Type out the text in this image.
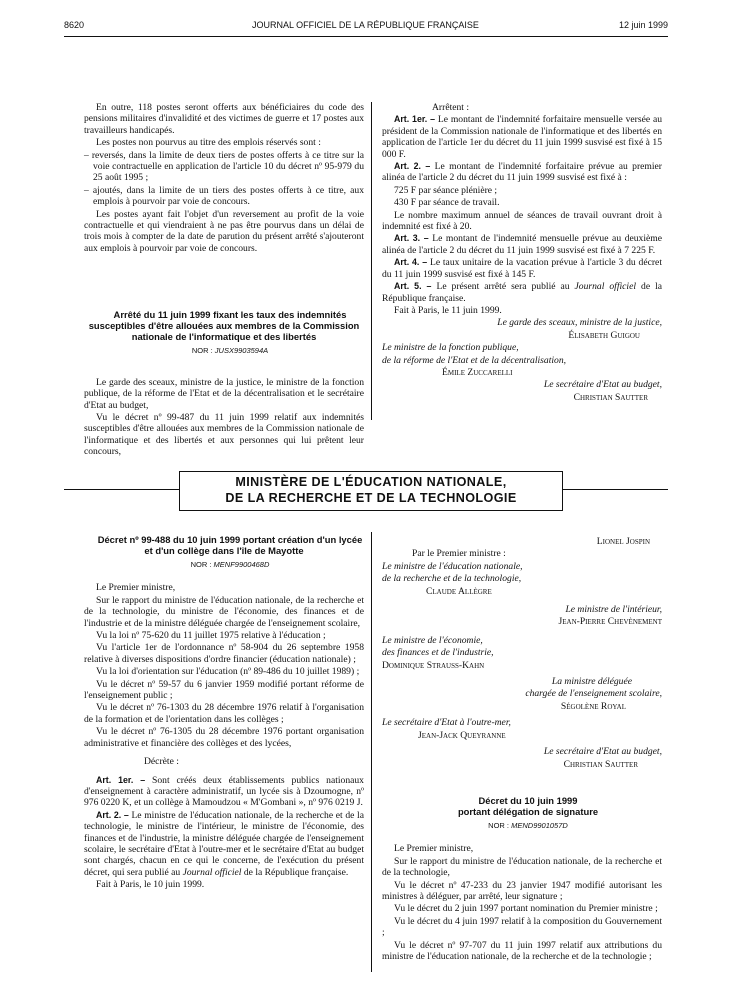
8620	JOURNAL OFFICIEL DE LA RÉPUBLIQUE FRANÇAISE	12 juin 1999

En outre, 118 postes seront offerts aux bénéficiaires du code des pensions militaires d'invalidité et des victimes de guerre et 17 postes aux travailleurs handicapés.

Les postes non pourvus au titre des emplois réservés sont :

– reversés, dans la limite de deux tiers de postes offerts à ce titre sur la voie contractuelle en application de l'article 10 du décret nº 95-979 du 25 août 1995 ;

– ajoutés, dans la limite de un tiers des postes offerts à ce titre, aux emplois à pourvoir par voie de concours.

Les postes ayant fait l'objet d'un reversement au profit de la voie contractuelle et qui viendraient à ne pas être pourvus dans un délai de trois mois à compter de la date de parution du présent arrêté s'ajouteront aux emplois à pourvoir par voie de concours.

Arrêté du 11 juin 1999 fixant les taux des indemnités susceptibles d'être allouées aux membres de la Commission nationale de l'informatique et des libertés

NOR : JUSX9903594A

Le garde des sceaux, ministre de la justice, le ministre de la fonction publique, de la réforme de l'Etat et de la décentralisation et le secrétaire d'Etat au budget,

Vu le décret nº 99-487 du 11 juin 1999 relatif aux indemnités susceptibles d'être allouées aux membres de la Commission nationale de l'informatique et des libertés et aux personnes qui lui prêtent leur concours,

Arrêtent :

Art. 1er. – Le montant de l'indemnité forfaitaire mensuelle versée au président de la Commission nationale de l'informatique et des libertés en application de l'article 1er du décret du 11 juin 1999 susvisé est fixé à 15 000 F.

Art. 2. – Le montant de l'indemnité forfaitaire prévue au premier alinéa de l'article 2 du décret du 11 juin 1999 susvisé est fixé à :

725 F par séance plénière ;

430 F par séance de travail.

Le nombre maximum annuel de séances de travail ouvrant droit à indemnité est fixé à 20.

Art. 3. – Le montant de l'indemnité mensuelle prévue au deuxième alinéa de l'article 2 du décret du 11 juin 1999 susvisé est fixé à 7 225 F.

Art. 4. – Le taux unitaire de la vacation prévue à l'article 3 du décret du 11 juin 1999 susvisé est fixé à 145 F.

Art. 5. – Le présent arrêté sera publié au Journal officiel de la République française.

Fait à Paris, le 11 juin 1999.

Le garde des sceaux, ministre de la justice,

Élisabeth Guigou

Le ministre de la fonction publique,

de la réforme de l'Etat et de la décentralisation,

Émile Zuccarelli

Le secrétaire d'Etat au budget,

Christian Sautter

MINISTÈRE DE L'ÉDUCATION NATIONALE,
DE LA RECHERCHE ET DE LA TECHNOLOGIE

Décret nº 99-488 du 10 juin 1999 portant création d'un lycée et d'un collège dans l'île de Mayotte

NOR : MENF9900468D

Le Premier ministre,

Sur le rapport du ministre de l'éducation nationale, de la recherche et de la technologie, du ministre de l'économie, des finances et de l'industrie et de la ministre déléguée chargée de l'enseignement scolaire,

Vu la loi nº 75-620 du 11 juillet 1975 relative à l'éducation ;

Vu l'article 1er de l'ordonnance nº 58-904 du 26 septembre 1958 relative à diverses dispositions d'ordre financier (éducation nationale) ;

Vu la loi d'orientation sur l'éducation (nº 89-486 du 10 juillet 1989) ;

Vu le décret nº 59-57 du 6 janvier 1959 modifié portant réforme de l'enseignement public ;

Vu le décret nº 76-1303 du 28 décembre 1976 relatif à l'organisation de la formation et de l'orientation dans les collèges ;

Vu le décret nº 76-1305 du 28 décembre 1976 portant organisation administrative et financière des collèges et des lycées,

Décrète :

Art. 1er. – Sont créés deux établissements publics nationaux d'enseignement à caractère administratif, un lycée sis à Dzoumogne, nº 976 0220 K, et un collège à Mamoudzou « M'Gombani », nº 976 0219 J.

Art. 2. – Le ministre de l'éducation nationale, de la recherche et de la technologie, le ministre de l'intérieur, le ministre de l'économie, des finances et de l'industrie, la ministre déléguée chargée de l'enseignement scolaire, le secrétaire d'Etat à l'outre-mer et le secrétaire d'Etat au budget sont chargés, chacun en ce qui le concerne, de l'exécution du présent décret, qui sera publié au Journal officiel de la République française.

Fait à Paris, le 10 juin 1999.

Lionel Jospin

Par le Premier ministre :

Le ministre de l'éducation nationale,

de la recherche et de la technologie,

Claude Allègre

Le ministre de l'intérieur,

Jean-Pierre Chevènement

Le ministre de l'économie,

des finances et de l'industrie,

Dominique Strauss-Kahn

La ministre déléguée

chargée de l'enseignement scolaire,

Ségolène Royal

Le secrétaire d'Etat à l'outre-mer,

Jean-Jack Queyranne

Le secrétaire d'Etat au budget,

Christian Sautter

Décret du 10 juin 1999

portant délégation de signature

NOR : MEND9901057D

Le Premier ministre,

Sur le rapport du ministre de l'éducation nationale, de la recherche et de la technologie,

Vu le décret nº 47-233 du 23 janvier 1947 modifié autorisant les ministres à déléguer, par arrêté, leur signature ;

Vu le décret du 2 juin 1997 portant nomination du Premier ministre ;

Vu le décret du 4 juin 1997 relatif à la composition du Gouvernement ;

Vu le décret nº 97-707 du 11 juin 1997 relatif aux attributions du ministre de l'éducation nationale, de la recherche et de la technologie ;
